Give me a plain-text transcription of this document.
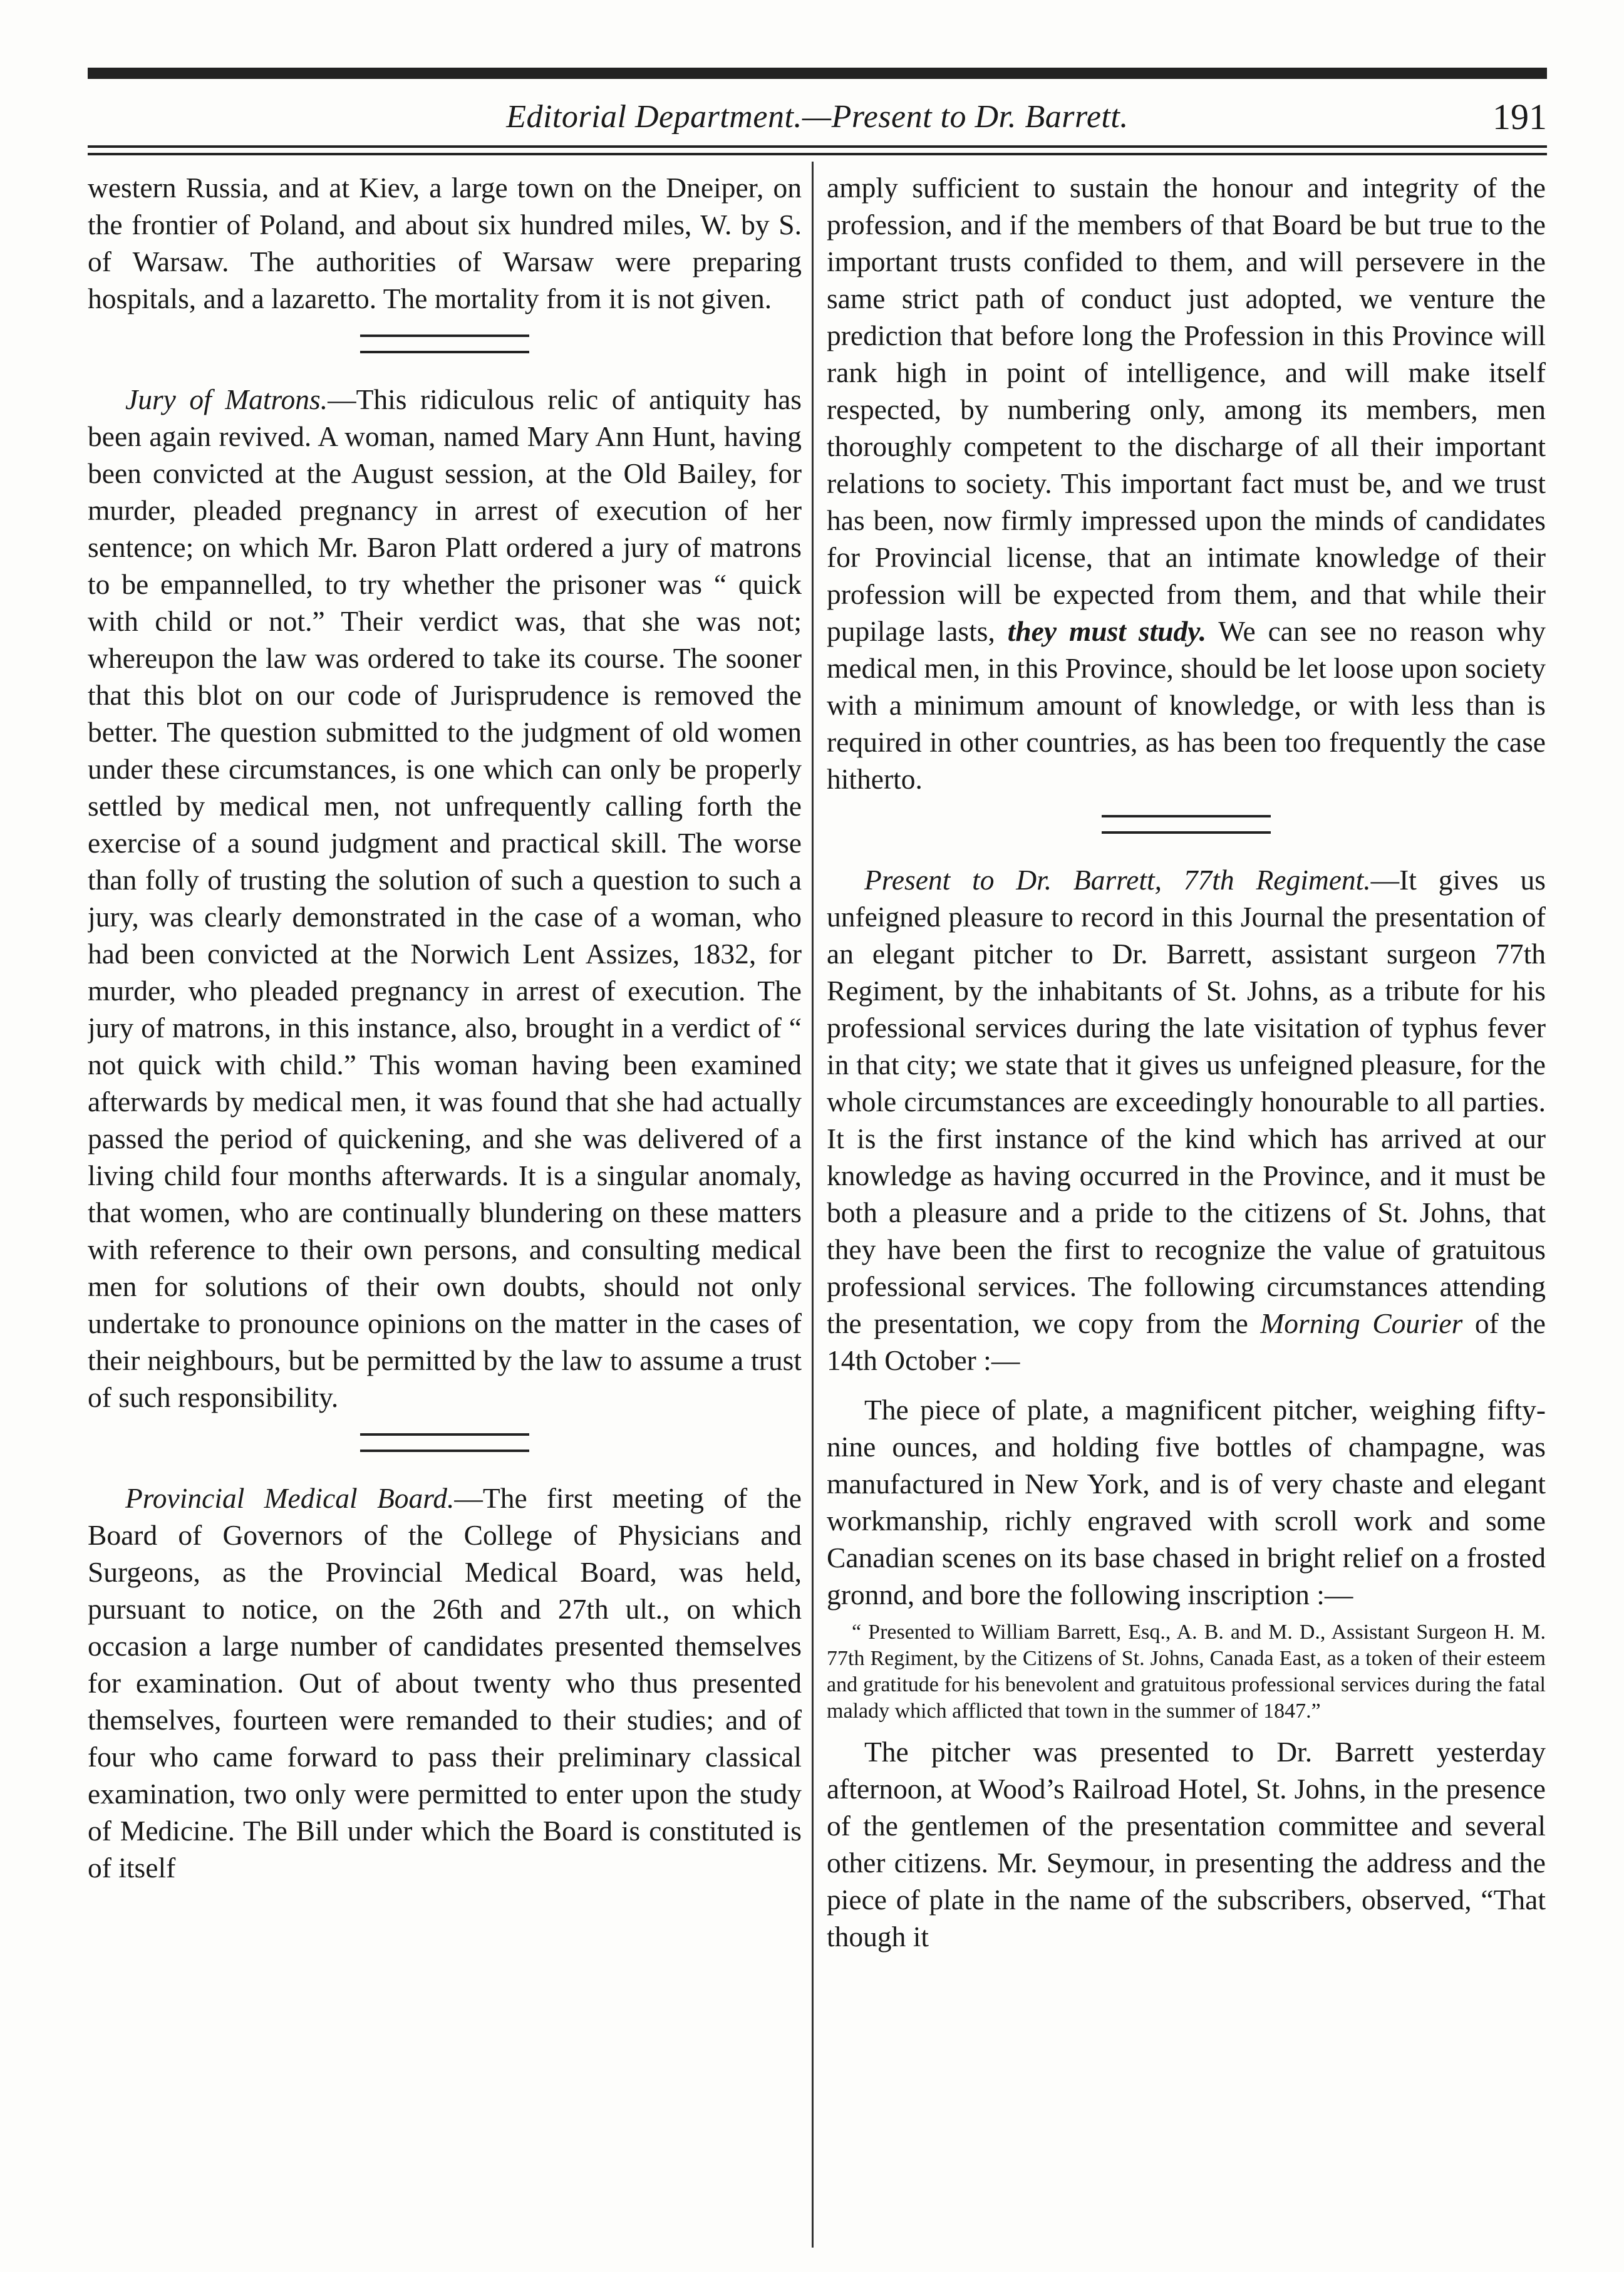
Editorial Department.—Present to Dr. Barrett.	191

western Russia, and at Kiev, a large town on the Dneiper, on the frontier of Poland, and about six hundred miles, W. by S. of Warsaw. The authorities of Warsaw were preparing hospitals, and a lazaretto. The mortality from it is not given.

Jury of Matrons.—This ridiculous relic of antiquity has been again revived. A woman, named Mary Ann Hunt, having been convicted at the August session, at the Old Bailey, for murder, pleaded pregnancy in arrest of execution of her sentence; on which Mr. Baron Platt ordered a jury of matrons to be empannelled, to try whether the prisoner was “ quick with child or not.” Their verdict was, that she was not; whereupon the law was ordered to take its course. The sooner that this blot on our code of Jurisprudence is removed the better. The question submitted to the judgment of old women under these circumstances, is one which can only be properly settled by medical men, not unfrequently calling forth the exercise of a sound judgment and practical skill. The worse than folly of trusting the solution of such a question to such a jury, was clearly demonstrated in the case of a woman, who had been convicted at the Norwich Lent Assizes, 1832, for murder, who pleaded pregnancy in arrest of execution. The jury of matrons, in this instance, also, brought in a verdict of “ not quick with child.” This woman having been examined afterwards by medical men, it was found that she had actually passed the period of quickening, and she was delivered of a living child four months afterwards. It is a singular anomaly, that women, who are continually blundering on these matters with reference to their own persons, and consulting medical men for solutions of their own doubts, should not only undertake to pronounce opinions on the matter in the cases of their neighbours, but be permitted by the law to assume a trust of such responsibility.

Provincial Medical Board.—The first meeting of the Board of Governors of the College of Physicians and Surgeons, as the Provincial Medical Board, was held, pursuant to notice, on the 26th and 27th ult., on which occasion a large number of candidates presented themselves for examination. Out of about twenty who thus presented themselves, fourteen were remanded to their studies; and of four who came forward to pass their preliminary classical examination, two only were permitted to enter upon the study of Medicine. The Bill under which the Board is constituted is of itself

amply sufficient to sustain the honour and integrity of the profession, and if the members of that Board be but true to the important trusts confided to them, and will persevere in the same strict path of conduct just adopted, we venture the prediction that before long the Profession in this Province will rank high in point of intelligence, and will make itself respected, by numbering only, among its members, men thoroughly competent to the discharge of all their important relations to society. This important fact must be, and we trust has been, now firmly impressed upon the minds of candidates for Provincial license, that an intimate knowledge of their profession will be expected from them, and that while their pupilage lasts, they must study. We can see no reason why medical men, in this Province, should be let loose upon society with a minimum amount of knowledge, or with less than is required in other countries, as has been too frequently the case hitherto.

Present to Dr. Barrett, 77th Regiment.—It gives us unfeigned pleasure to record in this Journal the presentation of an elegant pitcher to Dr. Barrett, assistant surgeon 77th Regiment, by the inhabitants of St. Johns, as a tribute for his professional services during the late visitation of typhus fever in that city; we state that it gives us unfeigned pleasure, for the whole circumstances are exceedingly honourable to all parties. It is the first instance of the kind which has arrived at our knowledge as having occurred in the Province, and it must be both a pleasure and a pride to the citizens of St. Johns, that they have been the first to recognize the value of gratuitous professional services. The following circumstances attending the presentation, we copy from the Morning Courier of the 14th October :—

The piece of plate, a magnificent pitcher, weighing fifty-nine ounces, and holding five bottles of champagne, was manufactured in New York, and is of very chaste and elegant workmanship, richly engraved with scroll work and some Canadian scenes on its base chased in bright relief on a frosted gronnd, and bore the following inscription :—

“ Presented to William Barrett, Esq., A. B. and M. D., Assistant Surgeon H. M. 77th Regiment, by the Citizens of St. Johns, Canada East, as a token of their esteem and gratitude for his benevolent and gratuitous professional services during the fatal malady which afflicted that town in the summer of 1847.”

The pitcher was presented to Dr. Barrett yesterday afternoon, at Wood’s Railroad Hotel, St. Johns, in the presence of the gentlemen of the presentation committee and several other citizens. Mr. Seymour, in presenting the address and the piece of plate in the name of the subscribers, observed, “That though it
